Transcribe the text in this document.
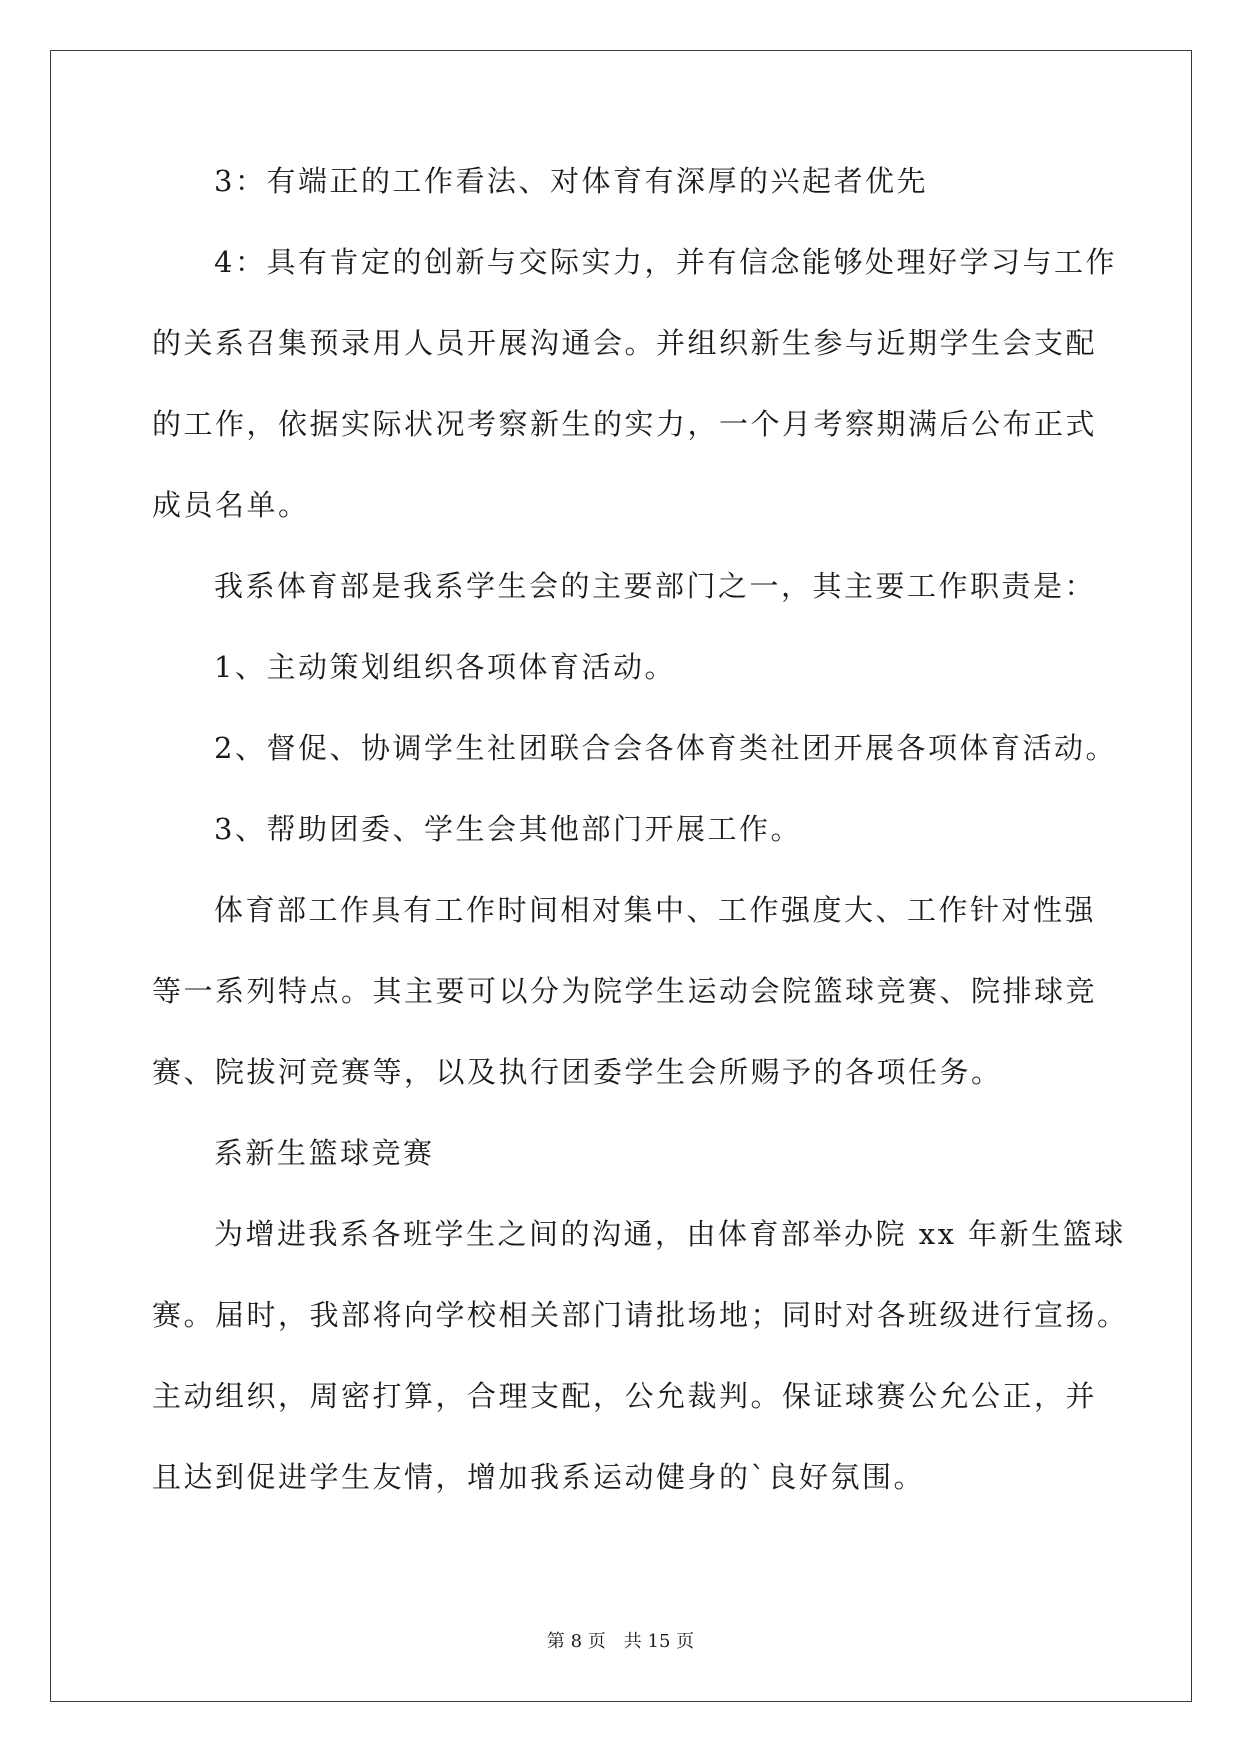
3：有端正的工作看法、对体育有深厚的兴起者优先
4：具有肯定的创新与交际实力，并有信念能够处理好学习与工作
的关系召集预录用人员开展沟通会。并组织新生参与近期学生会支配
的工作，依据实际状况考察新生的实力，一个月考察期满后公布正式
成员名单。
我系体育部是我系学生会的主要部门之一，其主要工作职责是：
1、主动策划组织各项体育活动。
2、督促、协调学生社团联合会各体育类社团开展各项体育活动。
3、帮助团委、学生会其他部门开展工作。
体育部工作具有工作时间相对集中、工作强度大、工作针对性强
等一系列特点。其主要可以分为院学生运动会院篮球竞赛、院排球竞
赛、院拔河竞赛等，以及执行团委学生会所赐予的各项任务。
系新生篮球竞赛
为增进我系各班学生之间的沟通，由体育部举办院 xx 年新生篮球
赛。届时，我部将向学校相关部门请批场地；同时对各班级进行宣扬。
主动组织，周密打算，合理支配，公允裁判。保证球赛公允公正，并
且达到促进学生友情，增加我系运动健身的`良好氛围。
第 8 页　共 15 页
